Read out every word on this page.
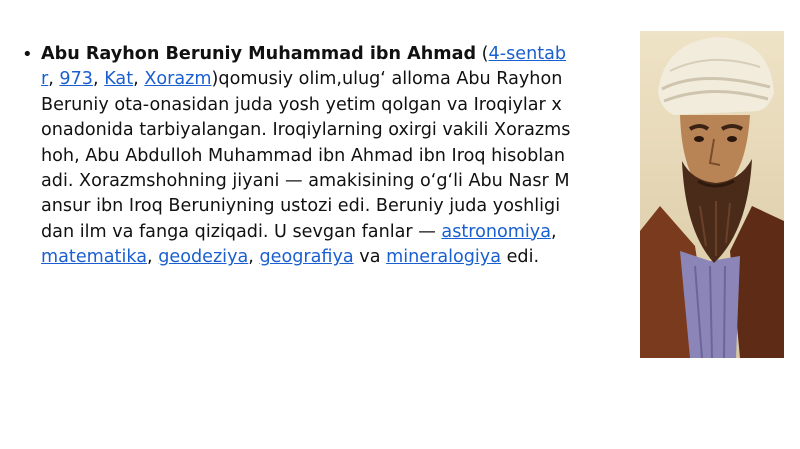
• Abu Rayhon Beruniy Muhammad ibn Ahmad (4-sentabr, 973, Kat, Xorazm)qomusiy olim,ulug‘ alloma Abu Rayhon Beruniy ota-onasidan juda yosh yetim qolgan va Iroqiylar xonadonida tarbiyalangan. Iroqiylarning oxirgi vakili Xorazmshoh, Abu Abdulloh Muhammad ibn Ahmad ibn Iroq hisoblanadi. Xorazmshohning jiyani — amakisining o‘g‘li Abu Nasr Mansur ibn Iroq Beruniyning ustozi edi. Beruniy juda yoshligidan ilm va fanga qiziqadi. U sevgan fanlar — astronomiya, matematika, geodeziya, geografiya va mineralogiya edi.
